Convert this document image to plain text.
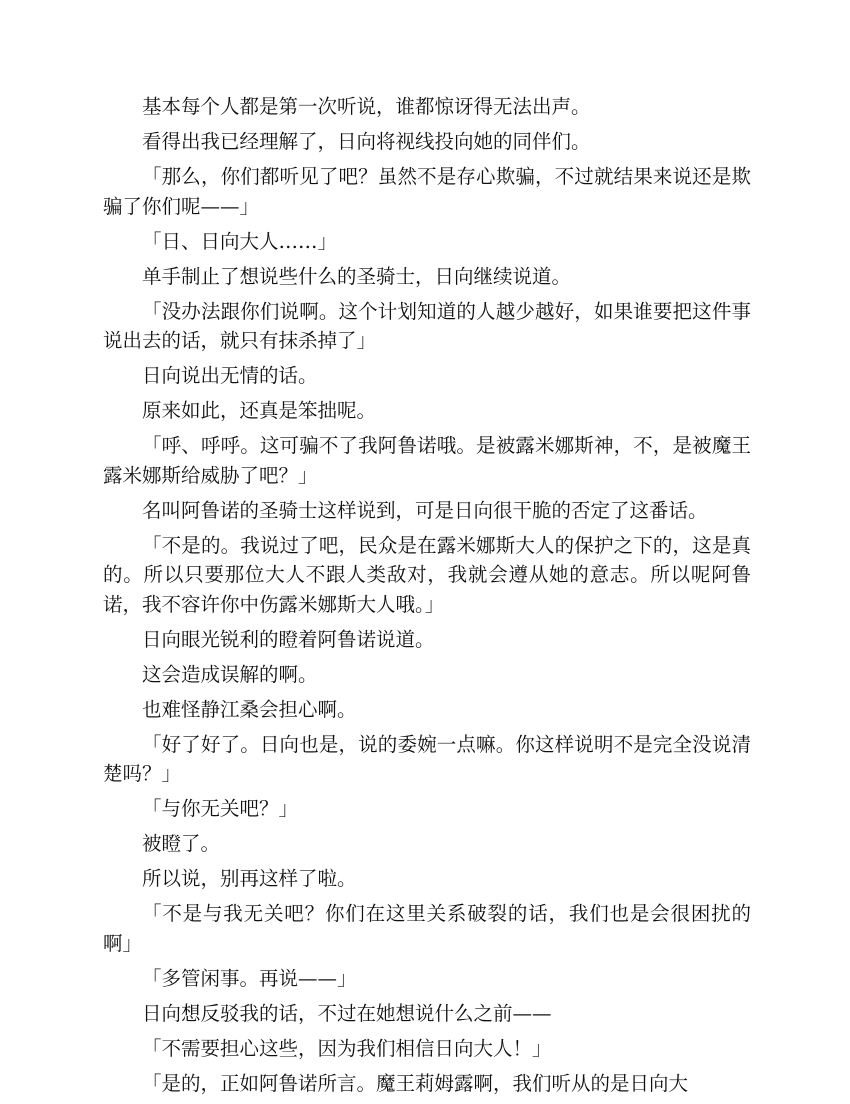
基本每个人都是第一次听说，谁都惊讶得无法出声。

看得出我已经理解了，日向将视线投向她的同伴们。

「那么，你们都听见了吧？虽然不是存心欺骗，不过就结果来说还是欺骗了你们呢——」

「日、日向大人……」

单手制止了想说些什么的圣骑士，日向继续说道。

「没办法跟你们说啊。这个计划知道的人越少越好，如果谁要把这件事说出去的话，就只有抹杀掉了」

日向说出无情的话。

原来如此，还真是笨拙呢。

「呼、呼呼。这可骗不了我阿鲁诺哦。是被露米娜斯神，不，是被魔王露米娜斯给威胁了吧？」

名叫阿鲁诺的圣骑士这样说到，可是日向很干脆的否定了这番话。

「不是的。我说过了吧，民众是在露米娜斯大人的保护之下的，这是真的。所以只要那位大人不跟人类敌对，我就会遵从她的意志。所以呢阿鲁诺，我不容许你中伤露米娜斯大人哦。」

日向眼光锐利的瞪着阿鲁诺说道。

这会造成误解的啊。

也难怪静江桑会担心啊。

「好了好了。日向也是，说的委婉一点嘛。你这样说明不是完全没说清楚吗？」

「与你无关吧？」

被瞪了。

所以说，别再这样了啦。

「不是与我无关吧？你们在这里关系破裂的话，我们也是会很困扰的啊」

「多管闲事。再说——」

日向想反驳我的话，不过在她想说什么之前——

「不需要担心这些，因为我们相信日向大人！」

「是的，正如阿鲁诺所言。魔王莉姆露啊，我们听从的是日向大
